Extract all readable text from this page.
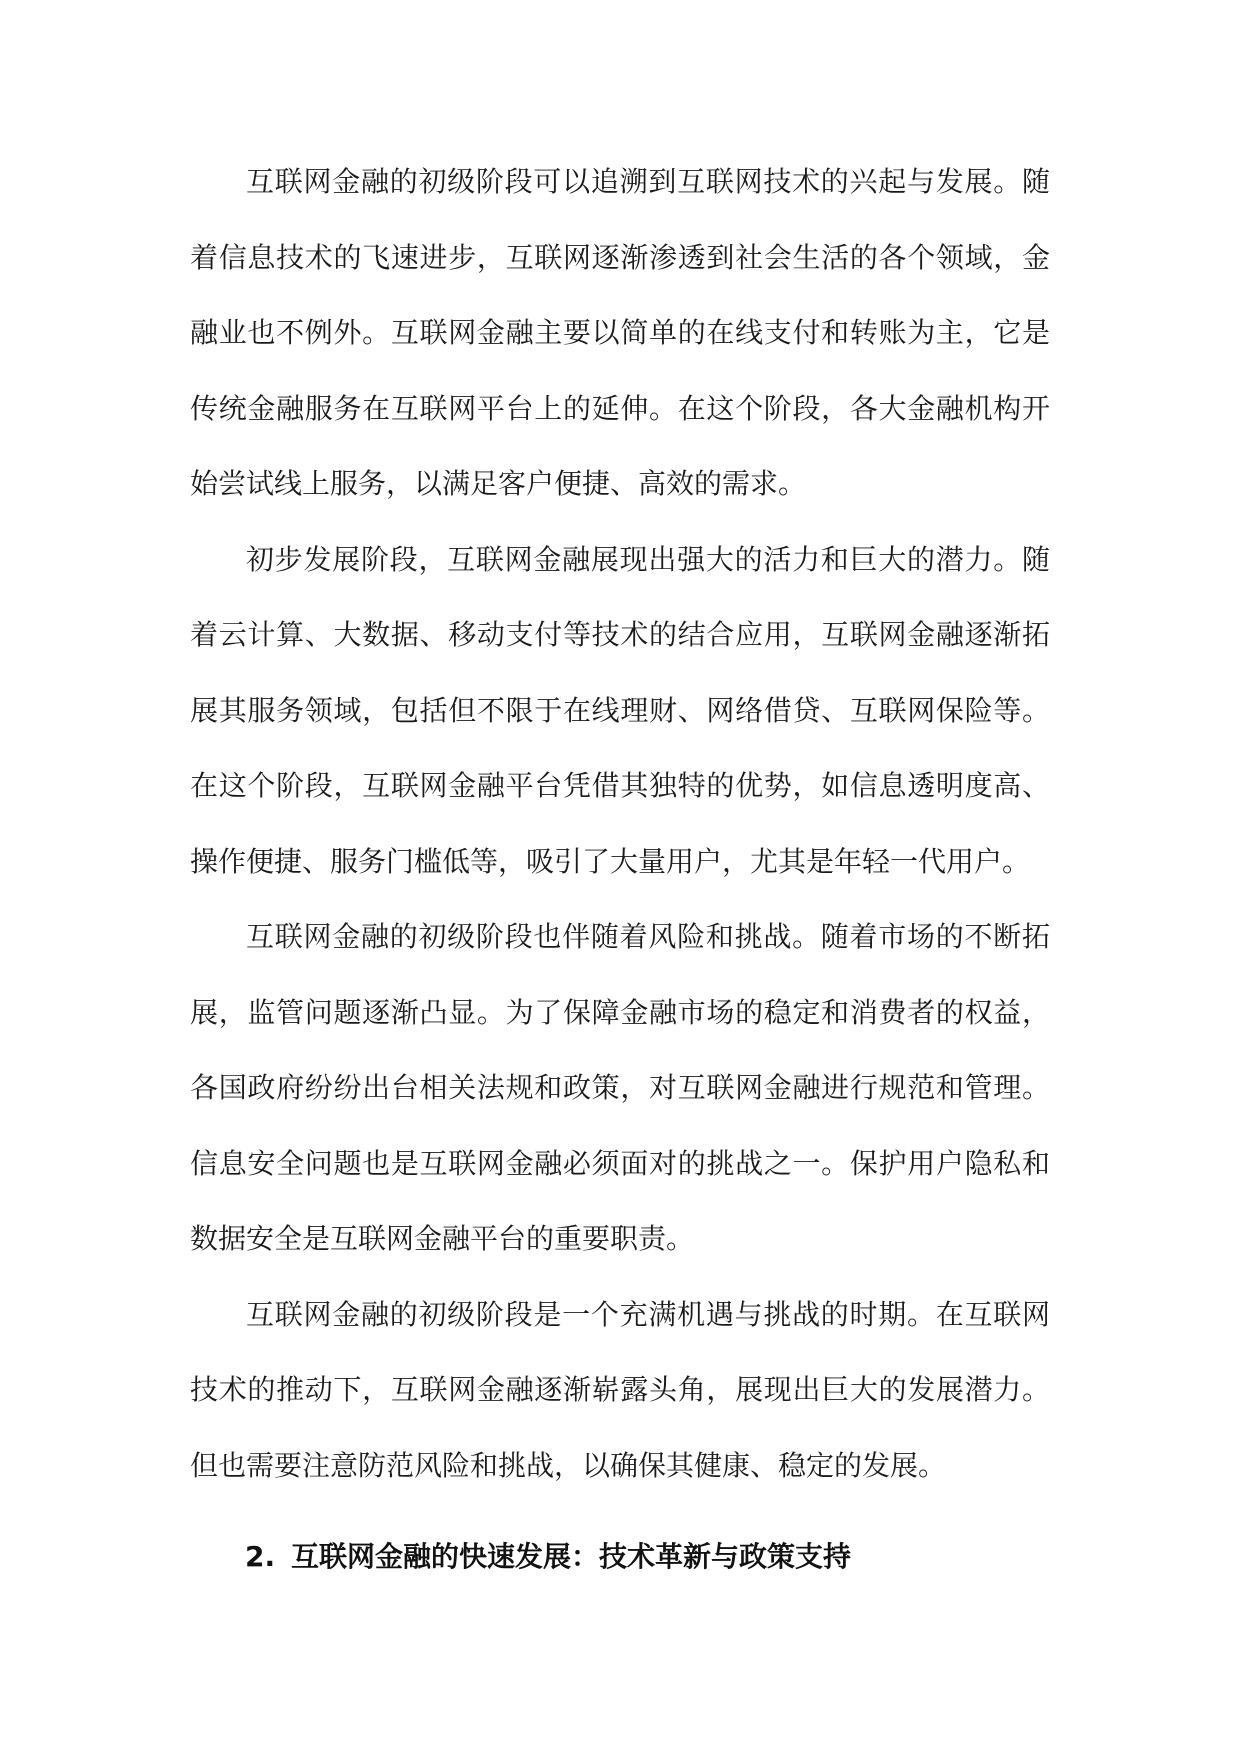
互联网金融的初级阶段可以追溯到互联网技术的兴起与发展。随着信息技术的飞速进步，互联网逐渐渗透到社会生活的各个领域，金融业也不例外。互联网金融主要以简单的在线支付和转账为主，它是传统金融服务在互联网平台上的延伸。在这个阶段，各大金融机构开始尝试线上服务，以满足客户便捷、高效的需求。

初步发展阶段，互联网金融展现出强大的活力和巨大的潜力。随着云计算、大数据、移动支付等技术的结合应用，互联网金融逐渐拓展其服务领域，包括但不限于在线理财、网络借贷、互联网保险等。在这个阶段，互联网金融平台凭借其独特的优势，如信息透明度高、操作便捷、服务门槛低等，吸引了大量用户，尤其是年轻一代用户。

互联网金融的初级阶段也伴随着风险和挑战。随着市场的不断拓展，监管问题逐渐凸显。为了保障金融市场的稳定和消费者的权益，各国政府纷纷出台相关法规和政策，对互联网金融进行规范和管理。信息安全问题也是互联网金融必须面对的挑战之一。保护用户隐私和数据安全是互联网金融平台的重要职责。

互联网金融的初级阶段是一个充满机遇与挑战的时期。在互联网技术的推动下，互联网金融逐渐崭露头角，展现出巨大的发展潜力。但也需要注意防范风险和挑战，以确保其健康、稳定的发展。

2. 互联网金融的快速发展：技术革新与政策支持
